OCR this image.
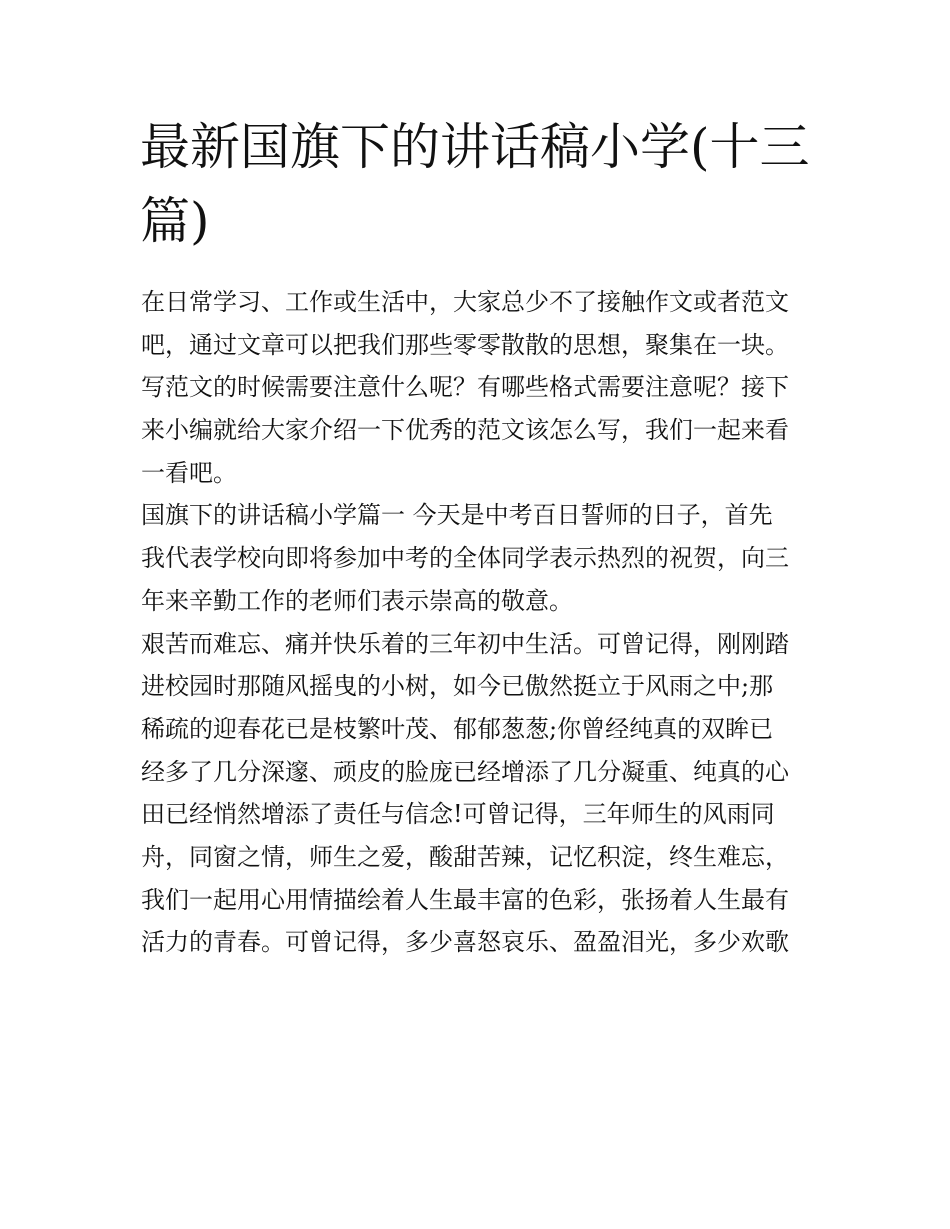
最新国旗下的讲话稿小学(十三
篇)

在日常学习、工作或生活中，大家总少不了接触作文或者范文
吧，通过文章可以把我们那些零零散散的思想，聚集在一块。
写范文的时候需要注意什么呢？有哪些格式需要注意呢？接下
来小编就给大家介绍一下优秀的范文该怎么写，我们一起来看
一看吧。

国旗下的讲话稿小学篇一 今天是中考百日誓师的日子，首先
我代表学校向即将参加中考的全体同学表示热烈的祝贺，向三
年来辛勤工作的老师们表示崇高的敬意。

艰苦而难忘、痛并快乐着的三年初中生活。可曾记得，刚刚踏
进校园时那随风摇曳的小树，如今已傲然挺立于风雨之中;那
稀疏的迎春花已是枝繁叶茂、郁郁葱葱;你曾经纯真的双眸已
经多了几分深邃、顽皮的脸庞已经增添了几分凝重、纯真的心
田已经悄然增添了责任与信念!可曾记得，三年师生的风雨同
舟，同窗之情，师生之爱，酸甜苦辣，记忆积淀，终生难忘，
我们一起用心用情描绘着人生最丰富的色彩，张扬着人生最有
活力的青春。可曾记得，多少喜怒哀乐、盈盈泪光，多少欢歌
